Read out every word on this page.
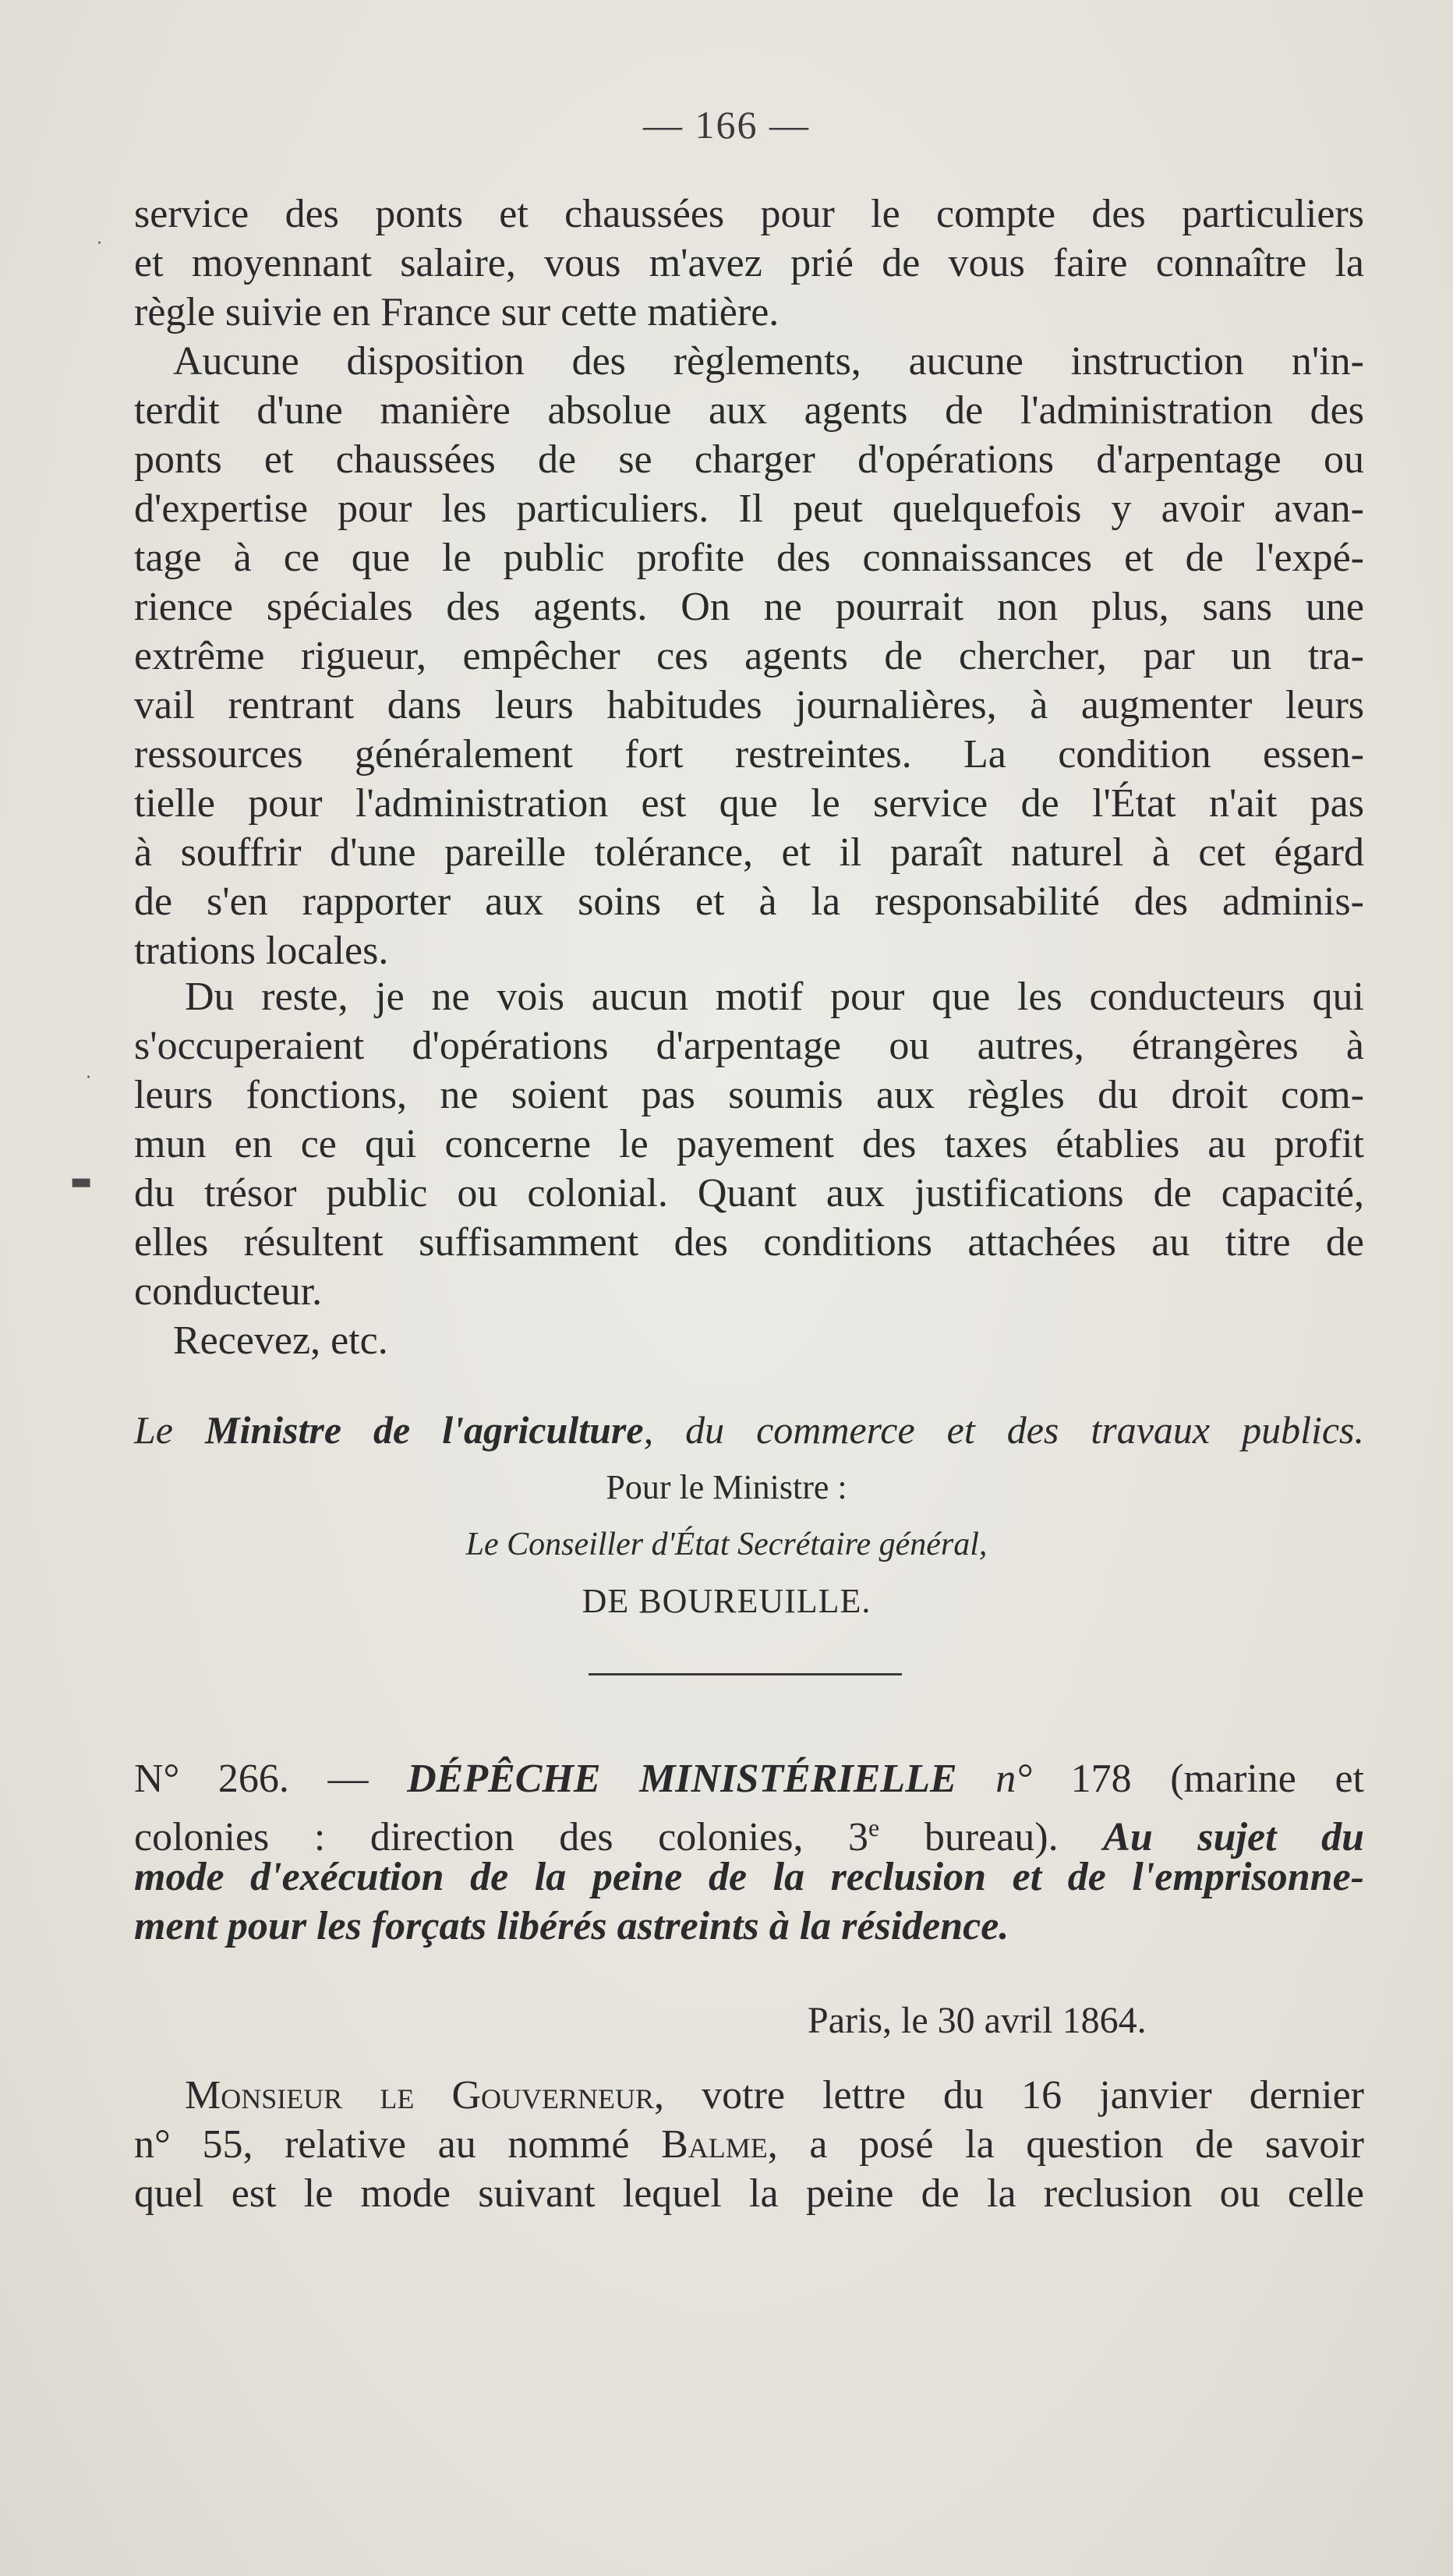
— 166 —
service des ponts et chaussées pour le compte des particuliers
et moyennant salaire, vous m'avez prié de vous faire connaître la
règle suivie en France sur cette matière.
Aucune disposition des règlements, aucune instruction n'in-
terdit d'une manière absolue aux agents de l'administration des
ponts et chaussées de se charger d'opérations d'arpentage ou
d'expertise pour les particuliers. Il peut quelquefois y avoir avan-
tage à ce que le public profite des connaissances et de l'expé-
rience spéciales des agents. On ne pourrait non plus, sans une
extrême rigueur, empêcher ces agents de chercher, par un tra-
vail rentrant dans leurs habitudes journalières, à augmenter leurs
ressources généralement fort restreintes. La condition essen-
tielle pour l'administration est que le service de l'État n'ait pas
à souffrir d'une pareille tolérance, et il paraît naturel à cet égard
de s'en rapporter aux soins et à la responsabilité des adminis-
trations locales.
Du reste, je ne vois aucun motif pour que les conducteurs qui
s'occuperaient d'opérations d'arpentage ou autres, étrangères à
leurs fonctions, ne soient pas soumis aux règles du droit com-
mun en ce qui concerne le payement des taxes établies au profit
du trésor public ou colonial. Quant aux justifications de capacité,
elles résultent suffisamment des conditions attachées au titre de
conducteur.
Recevez, etc.
Le Ministre de l'agriculture, du commerce et des travaux publics.
Pour le Ministre :
Le Conseiller d'État Secrétaire général,
DE BOUREUILLE.
N° 266. — DÉPÊCHE MINISTÉRIELLE n° 178 (marine et
colonies : direction des colonies, 3e bureau). Au sujet du
mode d'exécution de la peine de la reclusion et de l'emprisonne-
ment pour les forçats libérés astreints à la résidence.
Paris, le 30 avril 1864.
Monsieur le Gouverneur, votre lettre du 16 janvier dernier
n° 55, relative au nommé Balme, a posé la question de savoir
quel est le mode suivant lequel la peine de la reclusion ou celle
▬
·
·
